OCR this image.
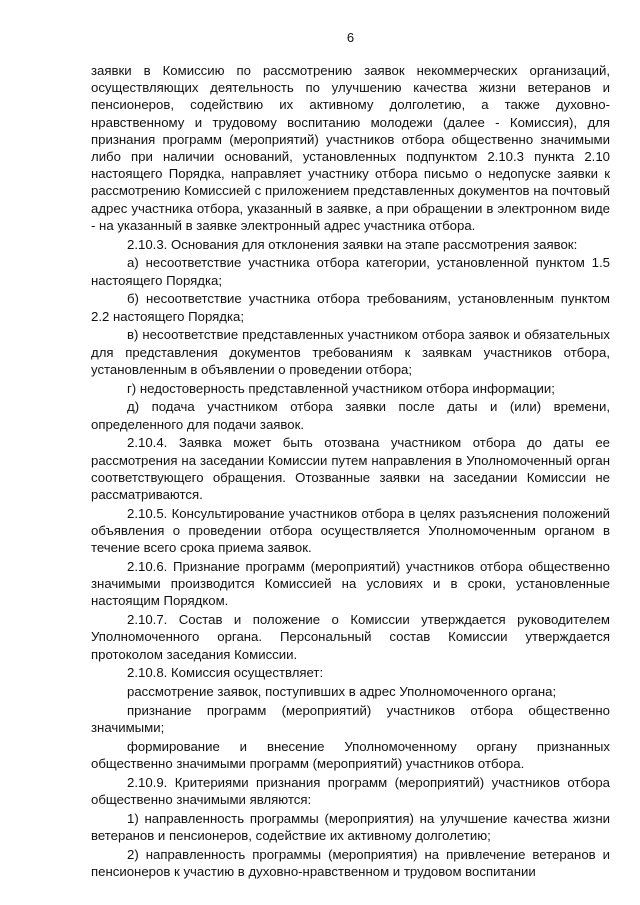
6

заявки в Комиссию по рассмотрению заявок некоммерческих организаций, осуществляющих деятельность по улучшению качества жизни ветеранов и пенсионеров, содействию их активному долголетию, а также духовно-нравственному и трудовому воспитанию молодежи (далее - Комиссия), для признания программ (мероприятий) участников отбора общественно значимыми либо при наличии оснований, установленных подпунктом 2.10.3 пункта 2.10 настоящего Порядка, направляет участнику отбора письмо о недопуске заявки к рассмотрению Комиссией с приложением представленных документов на почтовый адрес участника отбора, указанный в заявке, а при обращении в электронном виде - на указанный в заявке электронный адрес участника отбора.

2.10.3. Основания для отклонения заявки на этапе рассмотрения заявок:

а) несоответствие участника отбора категории, установленной пунктом 1.5 настоящего Порядка;

б) несоответствие участника отбора требованиям, установленным пунктом 2.2 настоящего Порядка;

в) несоответствие представленных участником отбора заявок и обязательных для представления документов требованиям к заявкам участников отбора, установленным в объявлении о проведении отбора;

г) недостоверность представленной участником отбора информации;

д) подача участником отбора заявки после даты и (или) времени, определенного для подачи заявок.

2.10.4. Заявка может быть отозвана участником отбора до даты ее рассмотрения на заседании Комиссии путем направления в Уполномоченный орган соответствующего обращения. Отозванные заявки на заседании Комиссии не рассматриваются.

2.10.5. Консультирование участников отбора в целях разъяснения положений объявления о проведении отбора осуществляется Уполномоченным органом в течение всего срока приема заявок.

2.10.6. Признание программ (мероприятий) участников отбора общественно значимыми производится Комиссией на условиях и в сроки, установленные настоящим Порядком.

2.10.7. Состав и положение о Комиссии утверждается руководителем Уполномоченного органа. Персональный состав Комиссии утверждается протоколом заседания Комиссии.

2.10.8. Комиссия осуществляет:

рассмотрение заявок, поступивших в адрес Уполномоченного органа;

признание программ (мероприятий) участников отбора общественно значимыми;

формирование и внесение Уполномоченному органу признанных общественно значимыми программ (мероприятий) участников отбора.

2.10.9. Критериями признания программ (мероприятий) участников отбора общественно значимыми являются:

1) направленность программы (мероприятия) на улучшение качества жизни ветеранов и пенсионеров, содействие их активному долголетию;

2) направленность программы (мероприятия) на привлечение ветеранов и пенсионеров к участию в духовно-нравственном и трудовом воспитании
